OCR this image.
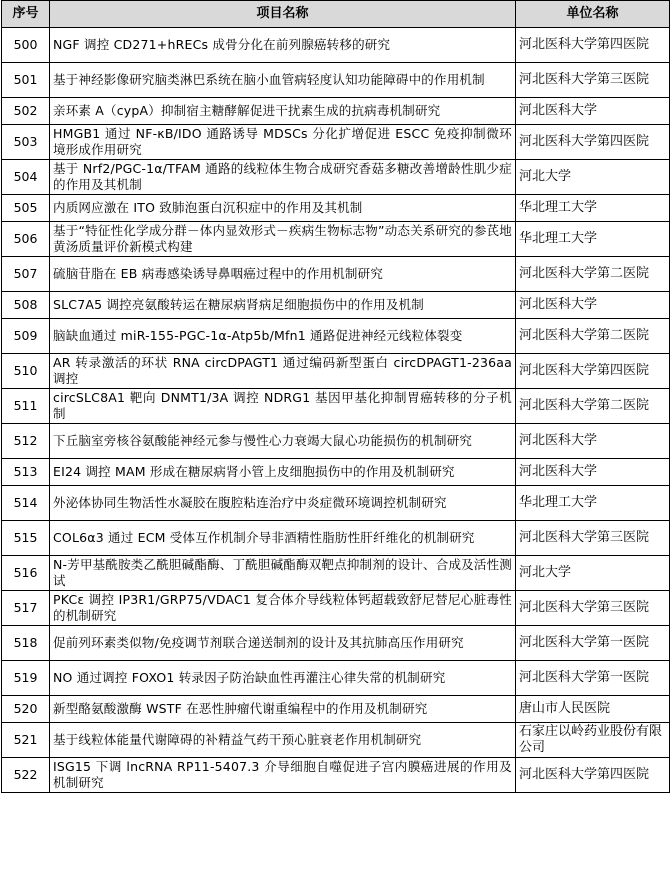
序号	项目名称	单位名称
500	NGF 调控 CD271+hRECs 成骨分化在前列腺癌转移的研究	河北医科大学第四医院
501	基于神经影像研究脑类淋巴系统在脑小血管病轻度认知功能障碍中的作用机制	河北医科大学第三医院
502	亲环素 A（cypA）抑制宿主糖酵解促进干扰素生成的抗病毒机制研究	河北医科大学
503	HMGB1 通过 NF-κB/IDO 通路诱导 MDSCs 分化扩增促进 ESCC 免疫抑制微环境形成作用研究	河北医科大学第四医院
504	基于 Nrf2/PGC-1α/TFAM 通路的线粒体生物合成研究香菇多糖改善增龄性肌少症的作用及其机制	河北大学
505	内质网应激在 ITO 致肺泡蛋白沉积症中的作用及其机制	华北理工大学
506	基于“特征性化学成分群－体内显效形式－疾病生物标志物”动态关系研究的参芪地黄汤质量评价新模式构建	华北理工大学
507	硫脑苷脂在 EB 病毒感染诱导鼻咽癌过程中的作用机制研究	河北医科大学第二医院
508	SLC7A5 调控亮氨酸转运在糖尿病肾病足细胞损伤中的作用及机制	河北医科大学
509	脑缺血通过 miR-155-PGC-1α-Atp5b/Mfn1 通路促进神经元线粒体裂变	河北医科大学第二医院
510	AR 转录激活的环状 RNA circDPAGT1 通过编码新型蛋白 circDPAGT1-236aa 调控	河北医科大学第四医院
511	circSLC8A1 靶向 DNMT1/3A 调控 NDRG1 基因甲基化抑制胃癌转移的分子机制	河北医科大学第二医院
512	下丘脑室旁核谷氨酸能神经元参与慢性心力衰竭大鼠心功能损伤的机制研究	河北医科大学
513	EI24 调控 MAM 形成在糖尿病肾小管上皮细胞损伤中的作用及机制研究	河北医科大学
514	外泌体协同生物活性水凝胶在腹腔粘连治疗中炎症微环境调控机制研究	华北理工大学
515	COL6α3 通过 ECM 受体互作机制介导非酒精性脂肪性肝纤维化的机制研究	河北医科大学第三医院
516	N-芳甲基酰胺类乙酰胆碱酯酶、丁酰胆碱酯酶双靶点抑制剂的设计、合成及活性测试	河北大学
517	PKCε 调控 IP3R1/GRP75/VDAC1 复合体介导线粒体钙超载致舒尼替尼心脏毒性的机制研究	河北医科大学第三医院
518	促前列环素类似物/免疫调节剂联合递送制剂的设计及其抗肺高压作用研究	河北医科大学第一医院
519	NO 通过调控 FOXO1 转录因子防治缺血性再灌注心律失常的机制研究	河北医科大学第一医院
520	新型酪氨酸激酶 WSTF 在恶性肿瘤代谢重编程中的作用及机制研究	唐山市人民医院
521	基于线粒体能量代谢障碍的补精益气药干预心脏衰老作用机制研究	石家庄以岭药业股份有限公司
522	ISG15 下调 lncRNA RP11-5407.3 介导细胞自噬促进子宫内膜癌进展的作用及机制研究	河北医科大学第四医院
